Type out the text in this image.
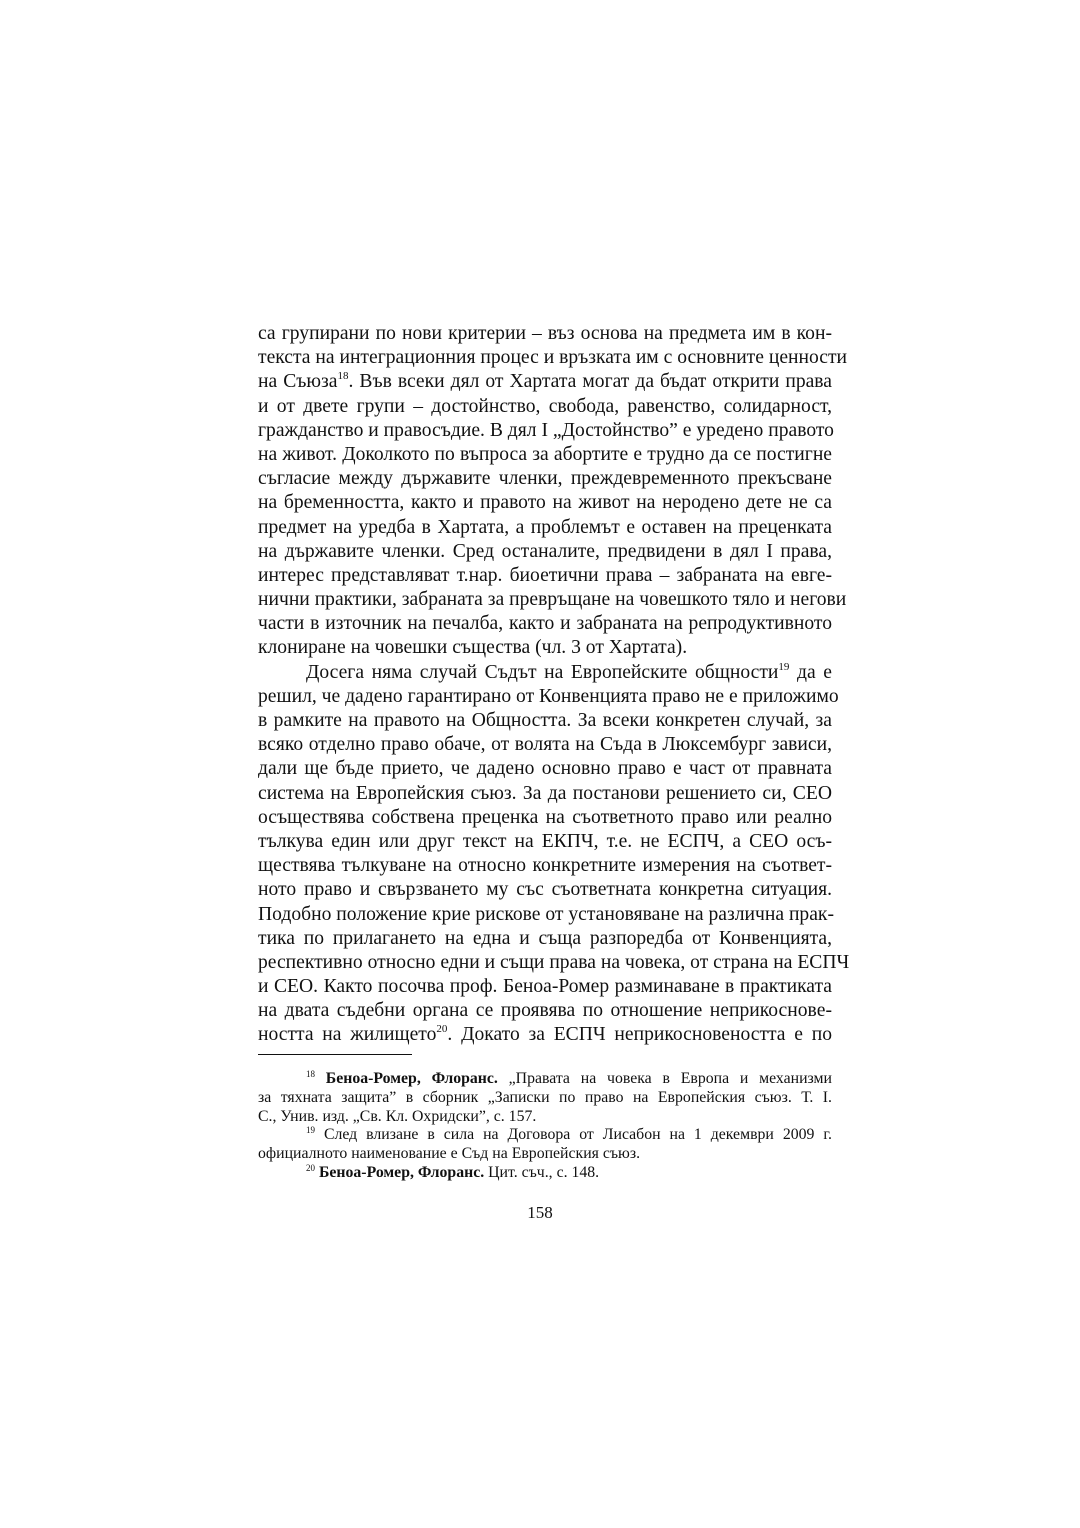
са групирани по нови критерии – въз основа на предмета им в кон-
текста на интеграционния процес и връзката им с основните ценности
на Съюза$^{18}$. Във всеки дял от Хартата могат да бъдат открити права
и от двете групи – достойнство, свобода, равенство, солидарност,
гражданство и правосъдие. В дял I „Достойнство” е уредено правото
на живот. Доколкото по въпроса за абортите е трудно да се постигне
съгласие между държавите членки, преждевременното прекъсване
на бременността, както и правото на живот на нероденo дете не са
предмет на уредба в Хартата, а проблемът е оставен на преценката
на държавите членки. Сред останалите, предвидени в дял I права,
интерес представляват т.нар. биоетични права – забраната на евге-
нични практики, забраната за превръщане на човешкото тяло и негови
части в източник на печалба, както и забраната на репродуктивното
клониране на човешки същества (чл. 3 от Хартата).
Досега няма случай Съдът на Европейските общности$^{19}$ да е
решил, че дадено гарантирано от Конвенцията право не е приложимо
в рамките на правото на Общността. За всеки конкретен случай, за
всяко отделно право обаче, от волята на Съда в Люксембург зависи,
дали ще бъде прието, че дадено основно право е част от правната
система на Европейския съюз. За да постанови решението си, СЕО
осъществява собствена преценка на съответното право или реално
тълкува един или друг текст на ЕКПЧ, т.е. не ЕСПЧ, а СЕО осъ-
ществява тълкуване на относно конкретните измерения на съответ-
ното право и свързването му със съответната конкретна ситуация.
Подобно положение крие рискове от установяване на различна прак-
тика по прилагането на една и съща разпоредба от Конвенцията,
респективно относно едни и същи права на човека, от страна на ЕСПЧ
и СЕО. Както посочва проф. Беноа-Ромер разминаване в практиката
на двата съдебни органа се проявява по отношение неприкосновe-
ността на жилището$^{20}$. Докато за ЕСПЧ неприкосновеността е по
$^{18}$ Беноа-Ромер, Флоранс. „Правата на човека в Европа и механизми
за тяхната защита” в сборник „Записки по право на Европейския съюз. Т. I.
С., Унив. изд. „Св. Кл. Охридски”, с. 157.
$^{19}$ След влизане в сила на Договора от Лисабон на 1 декември 2009 г.
официалното наименование е Съд на Европейския съюз.
$^{20}$ Беноа-Ромер, Флоранс. Цит. съч., с. 148.
158
